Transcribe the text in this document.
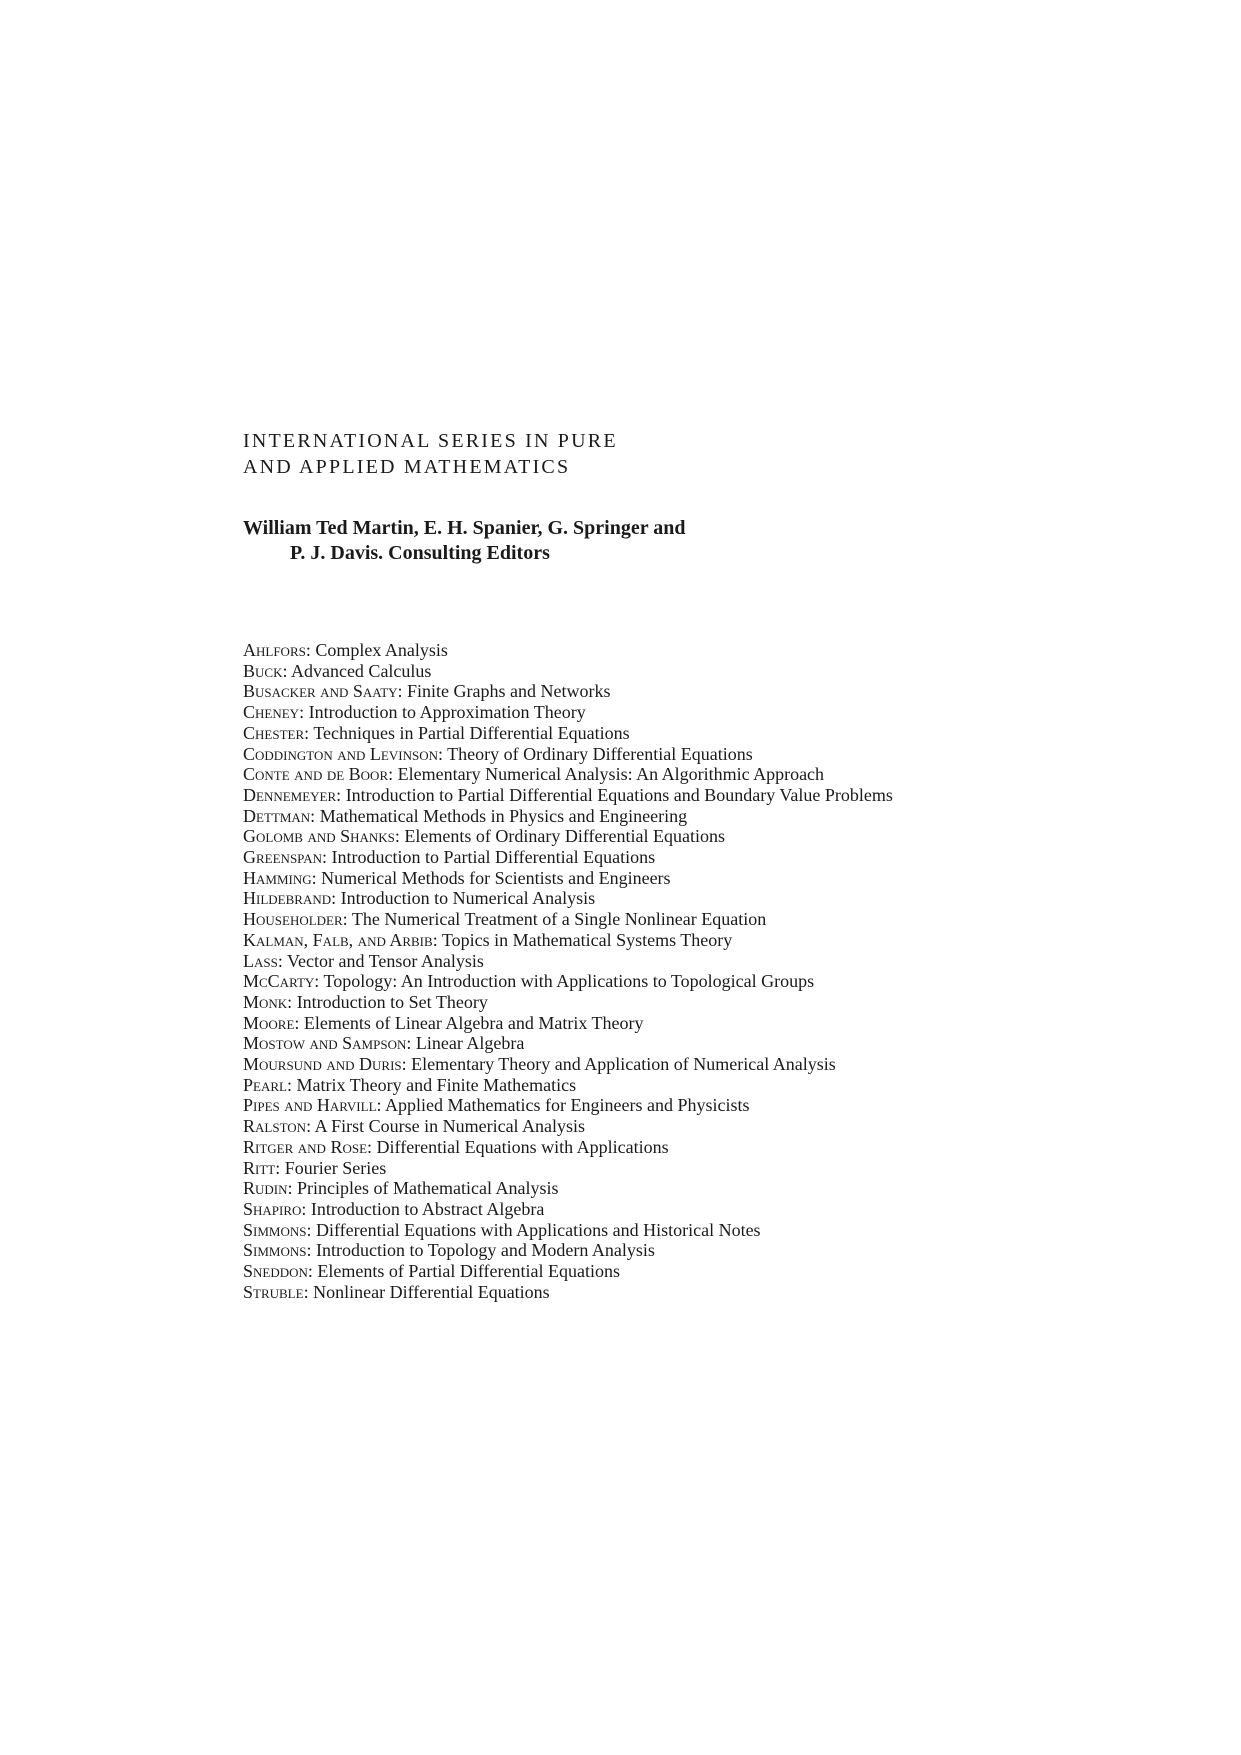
INTERNATIONAL SERIES IN PURE
AND APPLIED MATHEMATICS
William Ted Martin, E. H. Spanier, G. Springer and
P. J. Davis. Consulting Editors
Ahlfors: Complex Analysis
Buck: Advanced Calculus
Busacker and Saaty: Finite Graphs and Networks
Cheney: Introduction to Approximation Theory
Chester: Techniques in Partial Differential Equations
Coddington and Levinson: Theory of Ordinary Differential Equations
Conte and de Boor: Elementary Numerical Analysis: An Algorithmic Approach
Dennemeyer: Introduction to Partial Differential Equations and Boundary Value Problems
Dettman: Mathematical Methods in Physics and Engineering
Golomb and Shanks: Elements of Ordinary Differential Equations
Greenspan: Introduction to Partial Differential Equations
Hamming: Numerical Methods for Scientists and Engineers
Hildebrand: Introduction to Numerical Analysis
Householder: The Numerical Treatment of a Single Nonlinear Equation
Kalman, Falb, and Arbib: Topics in Mathematical Systems Theory
Lass: Vector and Tensor Analysis
McCarty: Topology: An Introduction with Applications to Topological Groups
Monk: Introduction to Set Theory
Moore: Elements of Linear Algebra and Matrix Theory
Mostow and Sampson: Linear Algebra
Moursund and Duris: Elementary Theory and Application of Numerical Analysis
Pearl: Matrix Theory and Finite Mathematics
Pipes and Harvill: Applied Mathematics for Engineers and Physicists
Ralston: A First Course in Numerical Analysis
Ritger and Rose: Differential Equations with Applications
Ritt: Fourier Series
Rudin: Principles of Mathematical Analysis
Shapiro: Introduction to Abstract Algebra
Simmons: Differential Equations with Applications and Historical Notes
Simmons: Introduction to Topology and Modern Analysis
Sneddon: Elements of Partial Differential Equations
Struble: Nonlinear Differential Equations
